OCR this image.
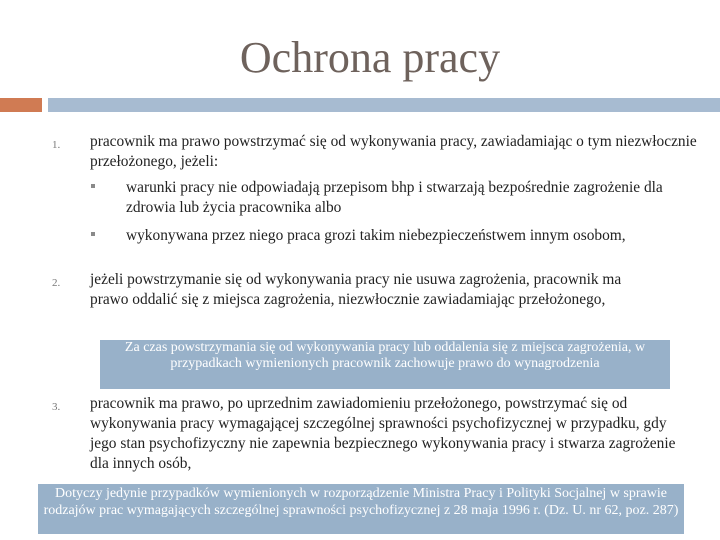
Ochrona pracy
1. pracownik ma prawo powstrzymać się od wykonywania pracy, zawiadamiając o tym niezwłocznie przełożonego, jeżeli:
warunki pracy nie odpowiadają przepisom bhp i stwarzają bezpośrednie zagrożenie dla zdrowia lub życia pracownika albo
wykonywana przez niego praca grozi takim niebezpieczeństwem innym osobom,
2. jeżeli powstrzymanie się od wykonywania pracy nie usuwa zagrożenia, pracownik ma prawo oddalić się z miejsca zagrożenia, niezwłocznie zawiadamiając przełożonego,
Za czas powstrzymania się od wykonywania pracy lub oddalenia się z miejsca zagrożenia, w przypadkach wymienionych pracownik zachowuje prawo do wynagrodzenia
3. pracownik ma prawo, po uprzednim zawiadomieniu przełożonego, powstrzymać się od wykonywania pracy wymagającej szczególnej sprawności psychofizycznej w przypadku, gdy jego stan psychofizyczny nie zapewnia bezpiecznego wykonywania pracy i stwarza zagrożenie dla innych osób,
Dotyczy jedynie przypadków wymienionych w rozporządzenie Ministra Pracy i Polityki Socjalnej w sprawie rodzajów prac wymagających szczególnej sprawności psychofizycznej z 28 maja 1996 r. (Dz. U. nr 62, poz. 287)
